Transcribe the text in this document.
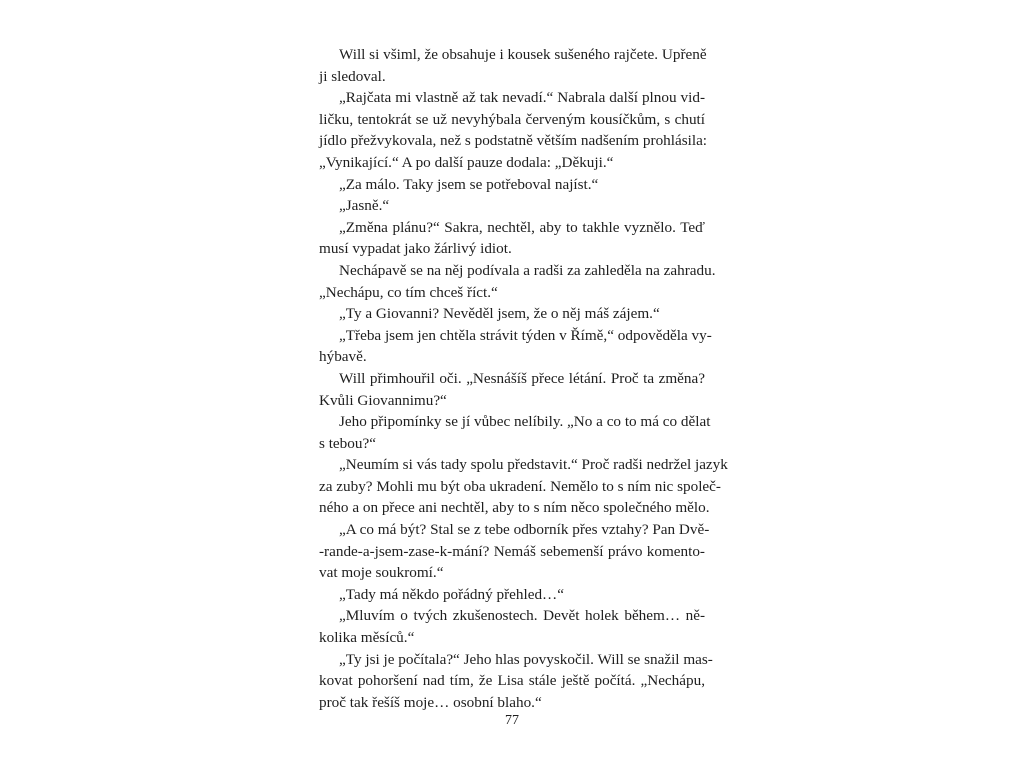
Will si všiml, že obsahuje i kousek sušeného rajčete. Upřeně
ji sledoval.
„Rajčata mi vlastně až tak nevadí.“ Nabrala další plnou vid-
ličku, tentokrát se už nevyhýbala červeným kousíčkům, s chutí
jídlo přežvykovala, než s podstatně větším nadšením prohlásila:
„Vynikající.“ A po další pauze dodala: „Děkuji.“
„Za málo. Taky jsem se potřeboval najíst.“
„Jasně.“
„Změna plánu?“ Sakra, nechtěl, aby to takhle vyznělo. Teď
musí vypadat jako žárlivý idiot.
Nechápavě se na něj podívala a radši za zahleděla na zahradu.
„Nechápu, co tím chceš říct.“
„Ty a Giovanni? Nevěděl jsem, že o něj máš zájem.“
„Třeba jsem jen chtěla strávit týden v Římě,“ odpověděla vy-
hýbavě.
Will přimhouřil oči. „Nesnášíš přece létání. Proč ta změna?
Kvůli Giovannimu?“
Jeho připomínky se jí vůbec nelíbily. „No a co to má co dělat
s tebou?“
„Neumím si vás tady spolu představit.“ Proč radši nedržel jazyk
za zuby? Mohli mu být oba ukradení. Nemělo to s ním nic společ-
ného a on přece ani nechtěl, aby to s ním něco společného mělo.
„A co má být? Stal se z tebe odborník přes vztahy? Pan Dvě-
-rande-a-jsem-zase-k-mání? Nemáš sebemenší právo komento-
vat moje soukromí.“
„Tady má někdo pořádný přehled…“
„Mluvím o tvých zkušenostech. Devět holek během… ně-
kolika měsíců.“
„Ty jsi je počítala?“ Jeho hlas povyskočil. Will se snažil mas-
kovat pohoršení nad tím, že Lisa stále ještě počítá. „Nechápu,
proč tak řešíš moje… osobní blaho.“
77
